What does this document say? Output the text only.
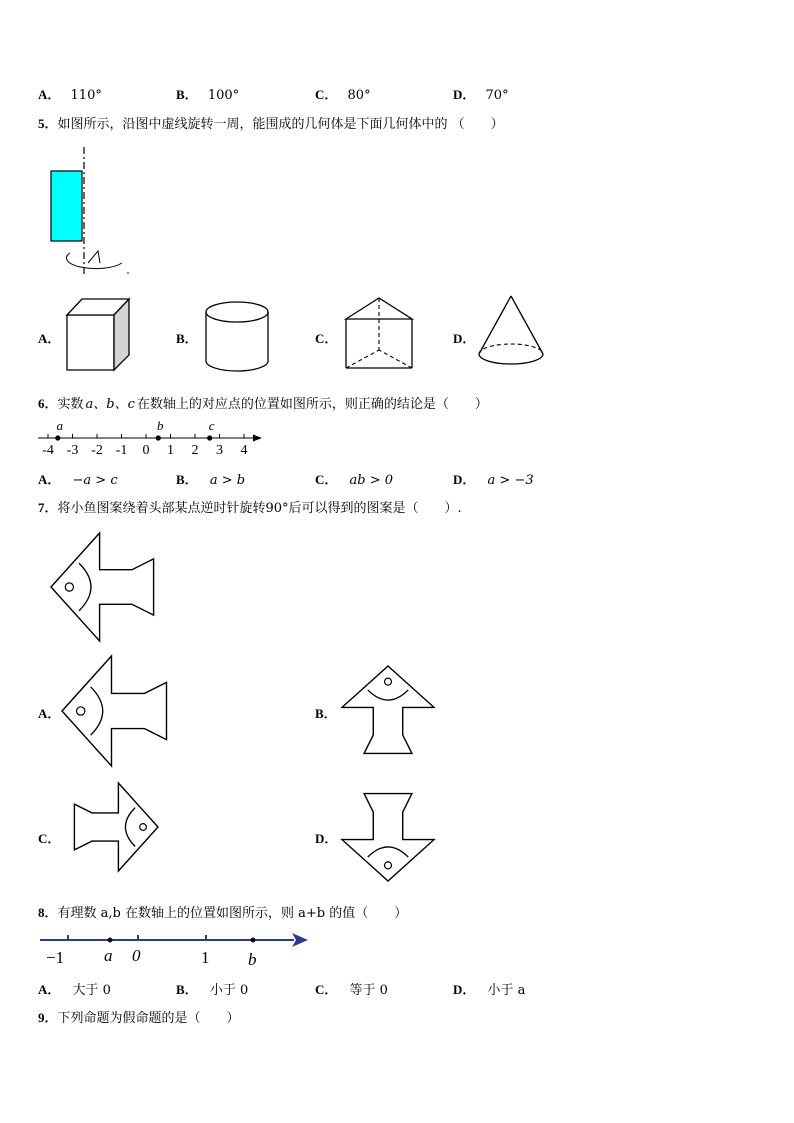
A． 110°	B． 100°	C． 80°	D． 70°
5．如图所示，沿图中虚线旋转一周，能围成的几何体是下面几何体中的 （　　）
A．	B．	C．	D．
6．实数 a、b、c 在数轴上的对应点的位置如图所示，则正确的结论是（　　）
-4 -3 -2 -1 0 1 2 3 4
a	b	c
A． −a > c	B． a > b	C． ab > 0	D． a > −3
7．将小鱼图案绕着头部某点逆时针旋转90°后可以得到的图案是（　　）.
A．	B．
C．	D．
8．有理数 a,b 在数轴上的位置如图所示，则 a+b 的值（　　）
−1 a 0	1 b
A． 大于 0	B． 小于 0	C． 等于 0	D． 小于 a
9．下列命题为假命题的是（　　）
